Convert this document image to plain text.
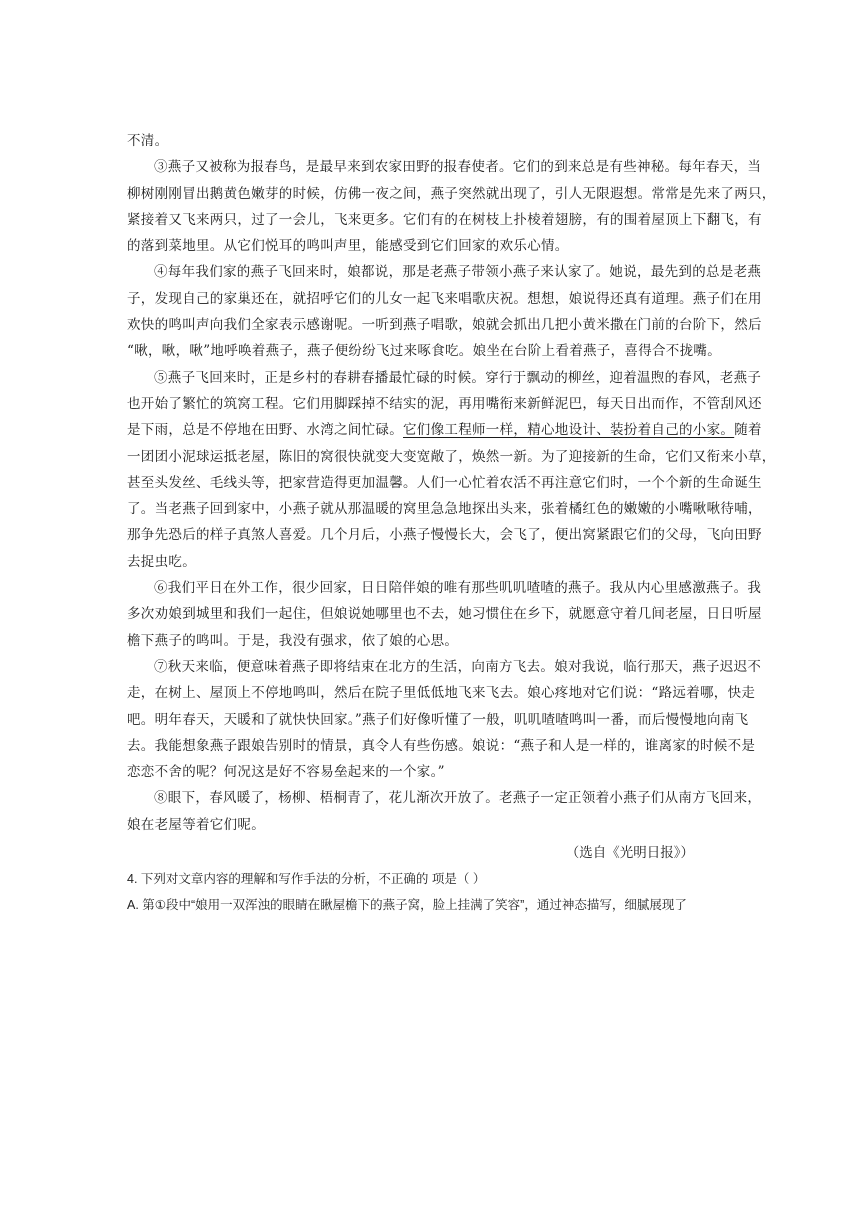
不清。
③燕子又被称为报春鸟，是最早来到农家田野的报春使者。它们的到来总是有些神秘。每年春天，当
柳树刚刚冒出鹅黄色嫩芽的时候，仿佛一夜之间，燕子突然就出现了，引人无限遐想。常常是先来了两只，
紧接着又飞来两只，过了一会儿，飞来更多。它们有的在树枝上扑棱着翅膀，有的围着屋顶上下翻飞，有
的落到菜地里。从它们悦耳的鸣叫声里，能感受到它们回家的欢乐心情。
④每年我们家的燕子飞回来时，娘都说，那是老燕子带领小燕子来认家了。她说，最先到的总是老燕
子，发现自己的家巢还在，就招呼它们的儿女一起飞来唱歌庆祝。想想，娘说得还真有道理。燕子们在用
欢快的鸣叫声向我们全家表示感谢呢。一听到燕子唱歌，娘就会抓出几把小黄米撒在门前的台阶下，然后
“啾，啾，啾”地呼唤着燕子，燕子便纷纷飞过来啄食吃。娘坐在台阶上看着燕子，喜得合不拢嘴。
⑤燕子飞回来时，正是乡村的春耕春播最忙碌的时候。穿行于飘动的柳丝，迎着温煦的春风，老燕子
也开始了繁忙的筑窝工程。它们用脚踩掉不结实的泥，再用嘴衔来新鲜泥巴，每天日出而作，不管刮风还
是下雨，总是不停地在田野、水湾之间忙碌。它们像工程师一样，精心地设计、装扮着自己的小家。随着
一团团小泥球运抵老屋，陈旧的窝很快就变大变宽敞了，焕然一新。为了迎接新的生命，它们又衔来小草，
甚至头发丝、毛线头等，把家营造得更加温馨。人们一心忙着农活不再注意它们时，一个个新的生命诞生
了。当老燕子回到家中，小燕子就从那温暖的窝里急急地探出头来，张着橘红色的嫩嫩的小嘴啾啾待哺，
那争先恐后的样子真煞人喜爱。几个月后，小燕子慢慢长大，会飞了，便出窝紧跟它们的父母，飞向田野
去捉虫吃。
⑥我们平日在外工作，很少回家，日日陪伴娘的唯有那些叽叽喳喳的燕子。我从内心里感激燕子。我
多次劝娘到城里和我们一起住，但娘说她哪里也不去，她习惯住在乡下，就愿意守着几间老屋，日日听屋
檐下燕子的鸣叫。于是，我没有强求，依了娘的心思。
⑦秋天来临，便意味着燕子即将结束在北方的生活，向南方飞去。娘对我说，临行那天，燕子迟迟不
走，在树上、屋顶上不停地鸣叫，然后在院子里低低地飞来飞去。娘心疼地对它们说：“路远着哪，快走
吧。明年春天，天暖和了就快快回家。”燕子们好像听懂了一般，叽叽喳喳鸣叫一番，而后慢慢地向南飞
去。我能想象燕子跟娘告别时的情景，真令人有些伤感。娘说：“燕子和人是一样的，谁离家的时候不是
恋恋不舍的呢？何况这是好不容易垒起来的一个家。”
⑧眼下，春风暖了，杨柳、梧桐青了，花儿渐次开放了。老燕子一定正领着小燕子们从南方飞回来，
娘在老屋等着它们呢。
（选自《光明日报》）
4. 下列对文章内容的理解和写作手法的分析，不正确的 项是（ ）
A. 第①段中“娘用一双浑浊的眼睛在瞅屋檐下的燕子窝，脸上挂满了笑容”，通过神态描写，细腻展现了
